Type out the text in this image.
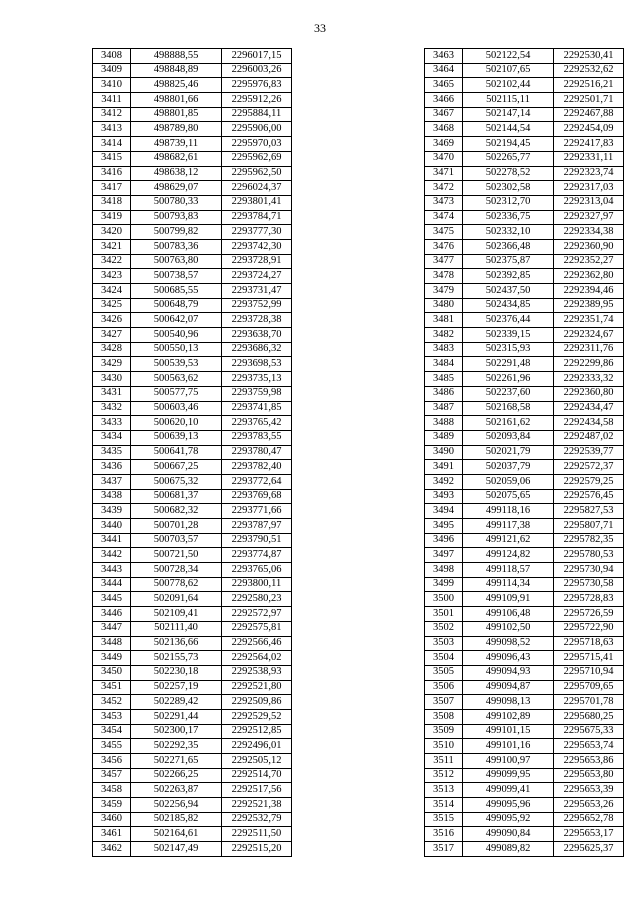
33
3408	498888,55	2296017,15
3409	498848,89	2296003,26
3410	498825,46	2295976,83
3411	498801,66	2295912,26
3412	498801,85	2295884,11
3413	498789,80	2295906,00
3414	498739,11	2295970,03
3415	498682,61	2295962,69
3416	498638,12	2295962,50
3417	498629,07	2296024,37
3418	500780,33	2293801,41
3419	500793,83	2293784,71
3420	500799,82	2293777,30
3421	500783,36	2293742,30
3422	500763,80	2293728,91
3423	500738,57	2293724,27
3424	500685,55	2293731,47
3425	500648,79	2293752,99
3426	500642,07	2293728,38
3427	500540,96	2293638,70
3428	500550,13	2293686,32
3429	500539,53	2293698,53
3430	500563,62	2293735,13
3431	500577,75	2293759,98
3432	500603,46	2293741,85
3433	500620,10	2293765,42
3434	500639,13	2293783,55
3435	500641,78	2293780,47
3436	500667,25	2293782,40
3437	500675,32	2293772,64
3438	500681,37	2293769,68
3439	500682,32	2293771,66
3440	500701,28	2293787,97
3441	500703,57	2293790,51
3442	500721,50	2293774,87
3443	500728,34	2293765,06
3444	500778,62	2293800,11
3445	502091,64	2292580,23
3446	502109,41	2292572,97
3447	502111,40	2292575,81
3448	502136,66	2292566,46
3449	502155,73	2292564,02
3450	502230,18	2292538,93
3451	502257,19	2292521,80
3452	502289,42	2292509,86
3453	502291,44	2292529,52
3454	502300,17	2292512,85
3455	502292,35	2292496,01
3456	502271,65	2292505,12
3457	502266,25	2292514,70
3458	502263,87	2292517,56
3459	502256,94	2292521,38
3460	502185,82	2292532,79
3461	502164,61	2292511,50
3462	502147,49	2292515,20
3463	502122,54	2292530,41
3464	502107,65	2292532,62
3465	502102,44	2292516,21
3466	502115,11	2292501,71
3467	502147,14	2292467,88
3468	502144,54	2292454,09
3469	502194,45	2292417,83
3470	502265,77	2292331,11
3471	502278,52	2292323,74
3472	502302,58	2292317,03
3473	502312,70	2292313,04
3474	502336,75	2292327,97
3475	502332,10	2292334,38
3476	502366,48	2292360,90
3477	502375,87	2292352,27
3478	502392,85	2292362,80
3479	502437,50	2292394,46
3480	502434,85	2292389,95
3481	502376,44	2292351,74
3482	502339,15	2292324,67
3483	502315,93	2292311,76
3484	502291,48	2292299,86
3485	502261,96	2292333,32
3486	502237,60	2292360,80
3487	502168,58	2292434,47
3488	502161,62	2292434,58
3489	502093,84	2292487,02
3490	502021,79	2292539,77
3491	502037,79	2292572,37
3492	502059,06	2292579,25
3493	502075,65	2292576,45
3494	499118,16	2295827,53
3495	499117,38	2295807,71
3496	499121,62	2295782,35
3497	499124,82	2295780,53
3498	499118,57	2295730,94
3499	499114,34	2295730,58
3500	499109,91	2295728,83
3501	499106,48	2295726,59
3502	499102,50	2295722,90
3503	499098,52	2295718,63
3504	499096,43	2295715,41
3505	499094,93	2295710,94
3506	499094,87	2295709,65
3507	499098,13	2295701,78
3508	499102,89	2295680,25
3509	499101,15	2295675,33
3510	499101,16	2295653,74
3511	499100,97	2295653,86
3512	499099,95	2295653,80
3513	499099,41	2295653,39
3514	499095,96	2295653,26
3515	499095,92	2295652,78
3516	499090,84	2295653,17
3517	499089,82	2295625,37
